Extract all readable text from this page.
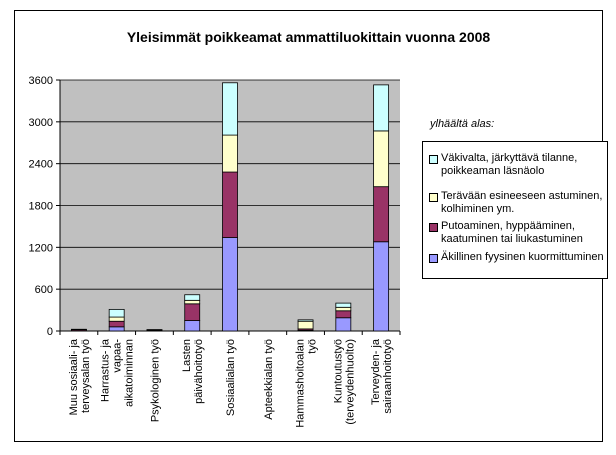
Yleisimmät poikkeamat ammattiluokittain vuonna 2008
ylhäältä alas:
Väkivalta, järkyttävä tilanne,
poikkeaman läsnäolo
Terävään esineeseen astuminen,
kolhiminen ym.
Putoaminen, hyppääminen,
kaatuminen tai liukastuminen
Äkillinen fyysinen kuormittuminen
0
600
1200
1800
2400
3000
3600
Muu sosiaali- jaterveysalan työ Harrastus- javapaa-aikatoiminnan Psykologinen työ Lastenpäivähoitotyö Sosiaalialan työ Apteekkialan työ Hammashoitoalantyö Kuntoutustyö(terveydenhuolto) Terveyden- jasairaanhoitotyö
